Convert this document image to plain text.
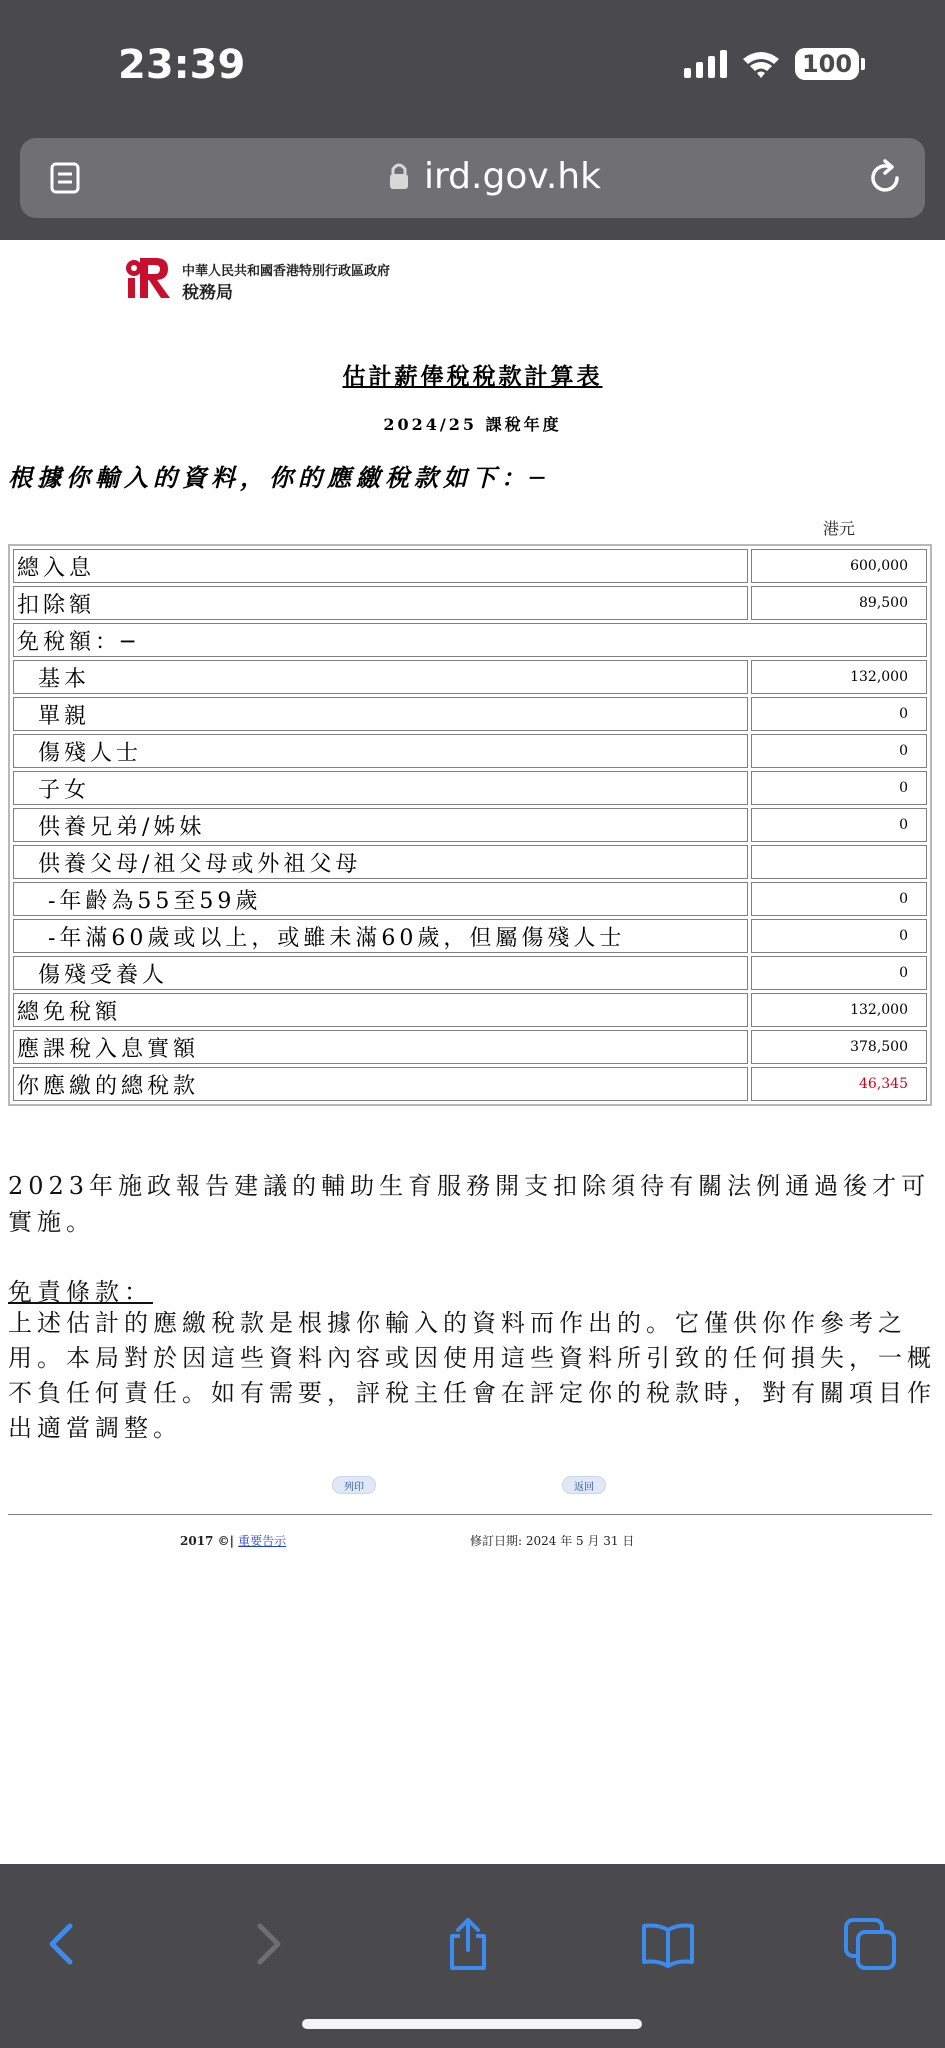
23:39	100
ird.gov.hk
中華人民共和國香港特別行政區政府
稅務局
估計薪俸稅稅款計算表
2024/25 課稅年度
根據你輸入的資料，你的應繳稅款如下：─
港元
總入息	600,000
扣除額	89,500
免稅額：─	
基本	132,000
單親	0
傷殘人士	0
子女	0
供養兄弟/姊妹	0
供養父母/祖父母或外祖父母	
-年齡為55至59歲	0
-年滿60歲或以上，或雖未滿60歲，但屬傷殘人士	0
傷殘受養人	0
總免稅額	132,000
應課稅入息實額	378,500
你應繳的總稅款	46,345
2023年施政報告建議的輔助生育服務開支扣除須待有關法例通過後才可實施。
免責條款：
上述估計的應繳稅款是根據你輸入的資料而作出的。它僅供你作參考之用。本局對於因這些資料內容或因使用這些資料所引致的任何損失，一概不負任何責任。如有需要，評稅主任會在評定你的稅款時，對有關項目作出適當調整。
列印	返回
2017 ©| 重要告示	修訂日期: 2024 年 5 月 31 日
